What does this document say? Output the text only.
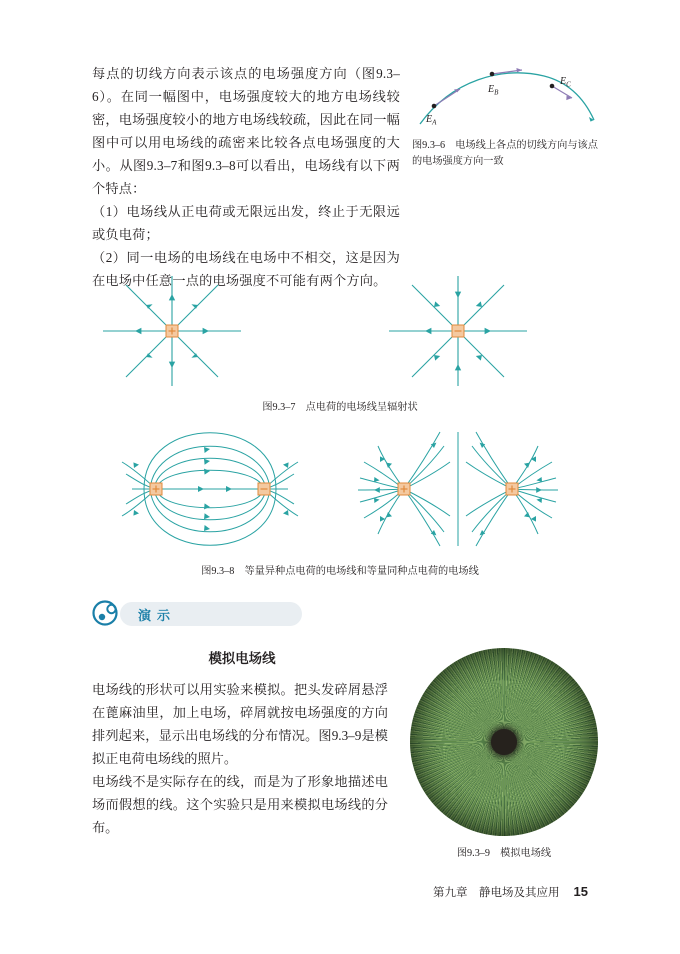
每点的切线方向表示该点的电场强度方向（图9.3–6）。在同一幅图中，电场强度较大的地方电场线较密，电场强度较小的地方电场线较疏，因此在同一幅图中可以用电场线的疏密来比较各点电场强度的大小。从图9.3–7和图9.3–8可以看出，电场线有以下两个特点：

（1）电场线从正电荷或无限远出发，终止于无限远或负电荷；

（2）同一电场的电场线在电场中不相交，这是因为在电场中任意一点的电场强度不可能有两个方向。

$E_A$
$E_B$
$E_C$
图9.3–6　电场线上各点的切线方向与该点的电场强度方向一致
图9.3–7　点电荷的电场线呈辐射状
图9.3–8　等量异种点电荷的电场线和等量同种点电荷的电场线
演示
模拟电场线

电场线的形状可以用实验来模拟。把头发碎屑悬浮在蓖麻油里，加上电场，碎屑就按电场强度的方向排列起来，显示出电场线的分布情况。图9.3–9是模拟正电荷电场线的照片。

电场线不是实际存在的线，而是为了形象地描述电场而假想的线。这个实验只是用来模拟电场线的分布。

图9.3–9　模拟电场线
第九章　静电场及其应用 15
